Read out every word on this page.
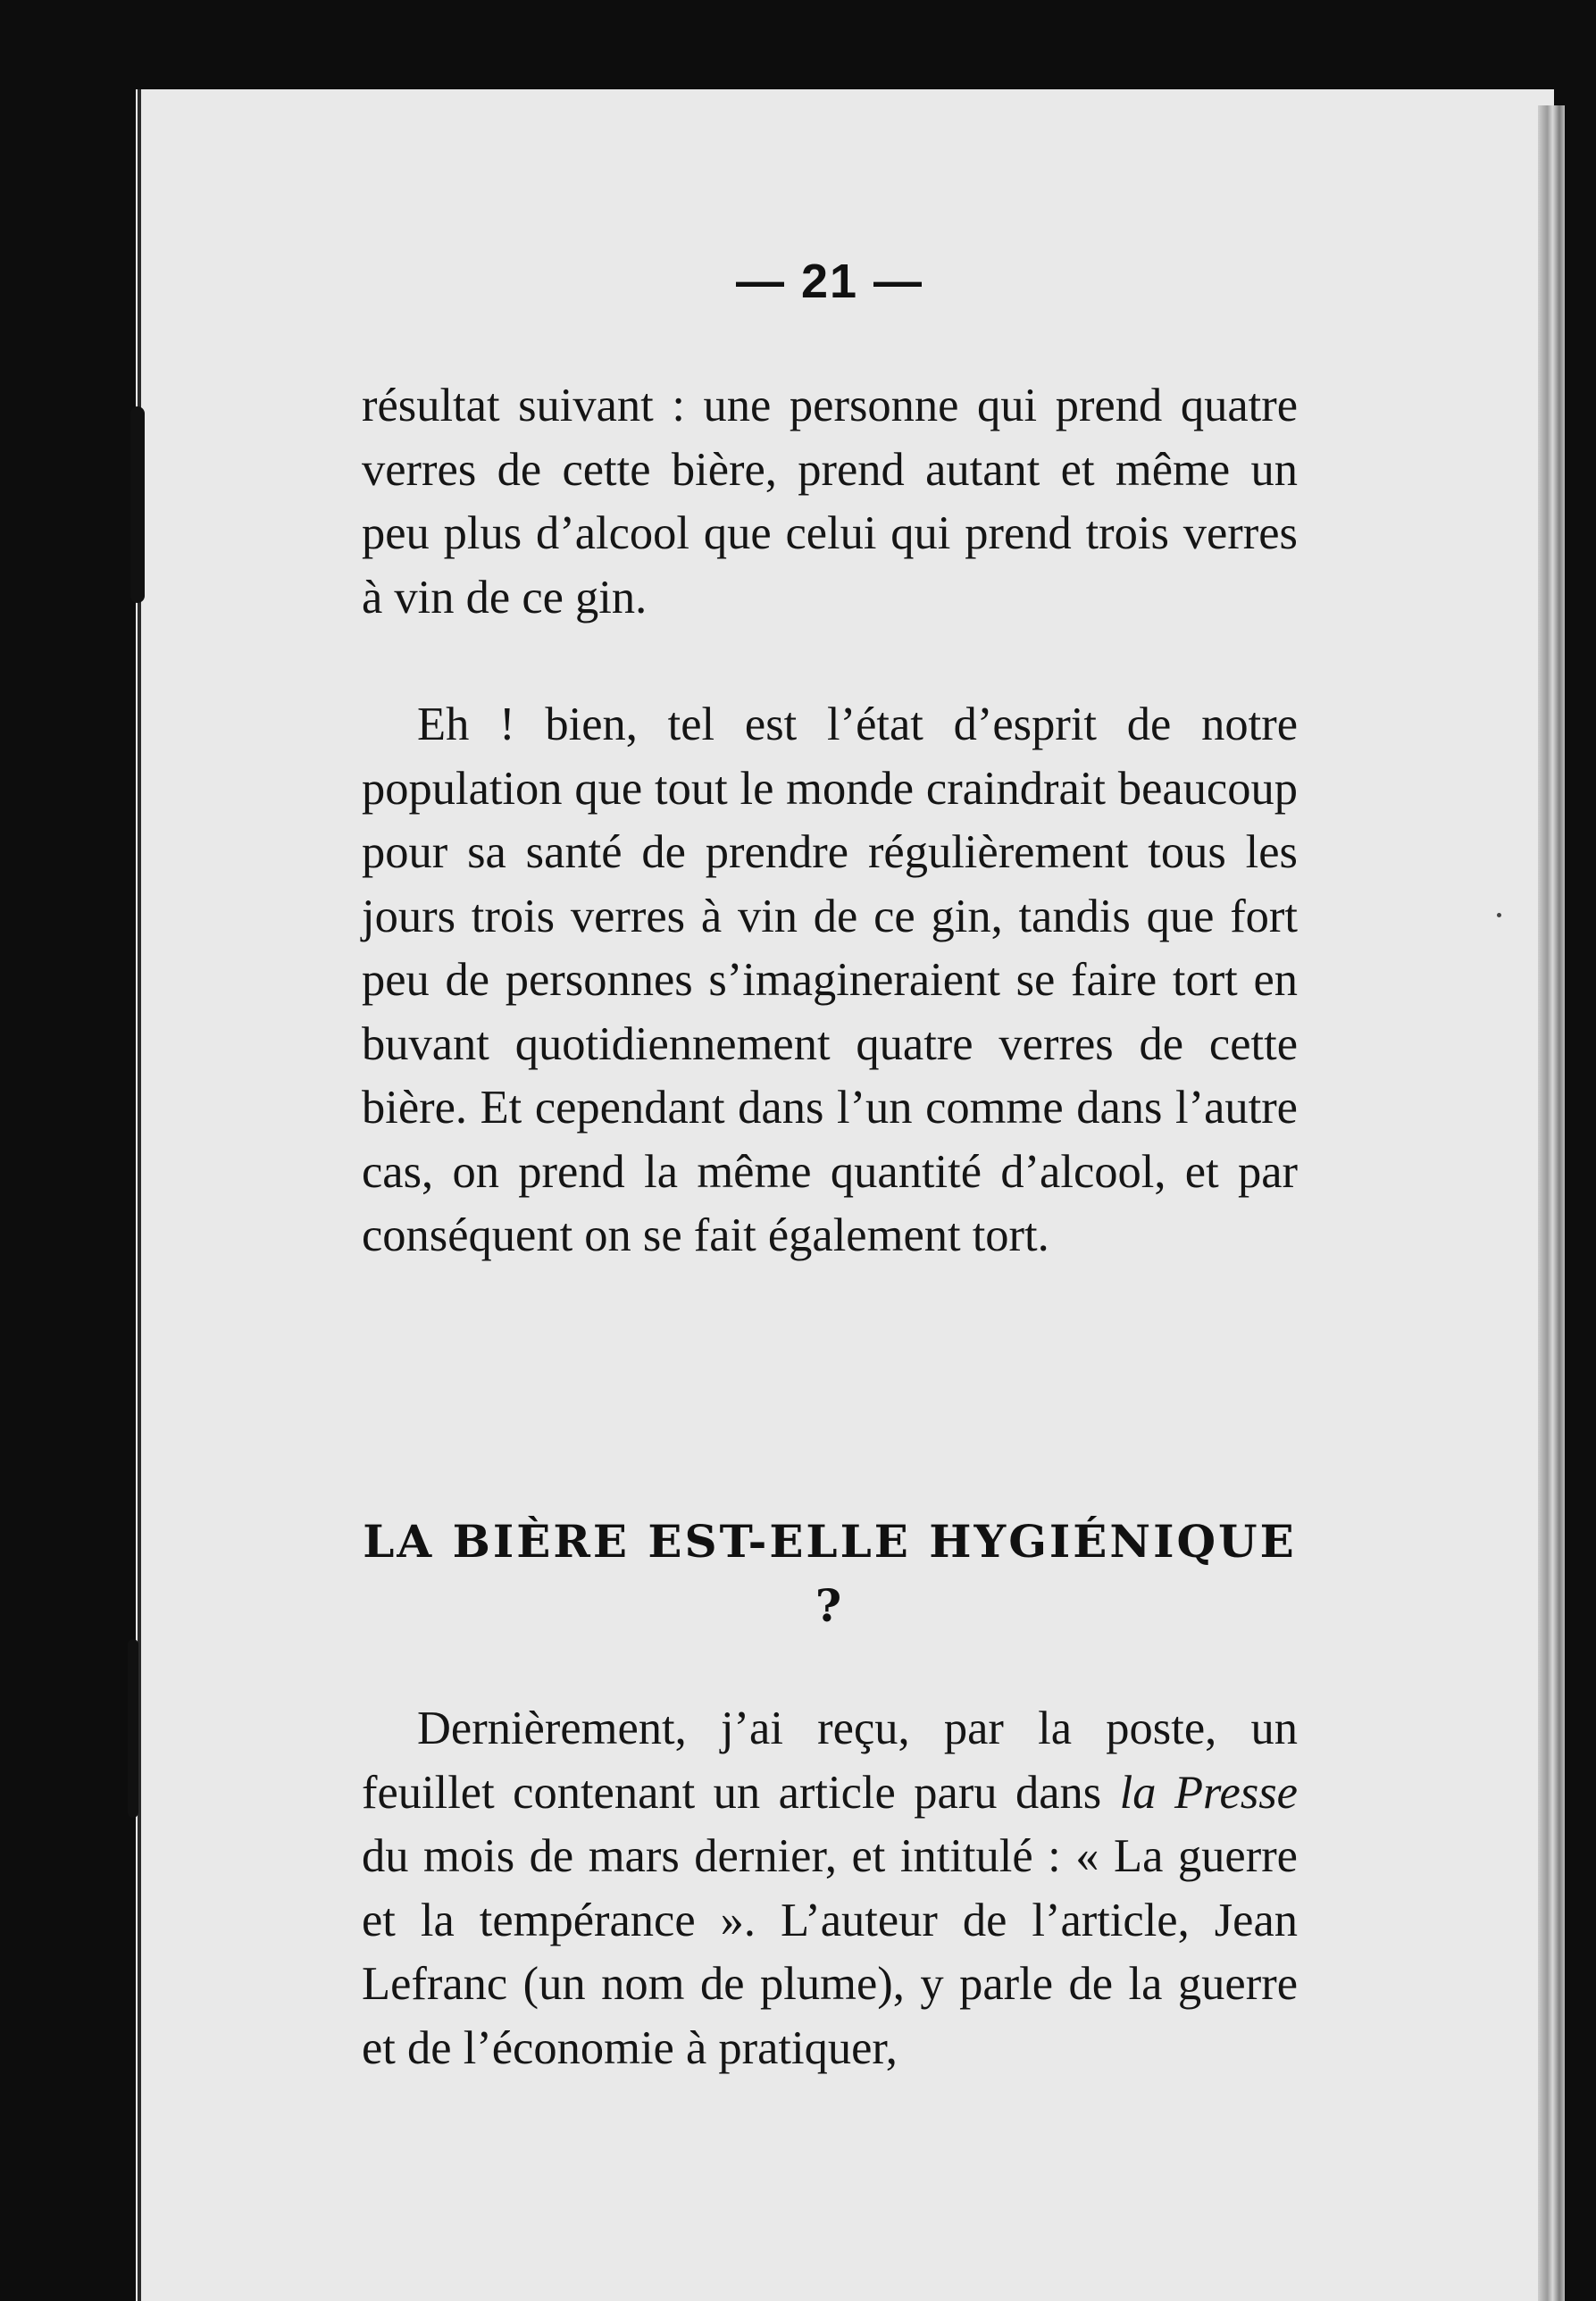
— 21 —

résultat suivant : une personne qui prend quatre verres de cette bière, prend autant et même un peu plus d’alcool que celui qui prend trois verres à vin de ce gin.

Eh ! bien, tel est l’état d’esprit de notre population que tout le monde craindrait beaucoup pour sa santé de prendre régulièrement tous les jours trois verres à vin de ce gin, tandis que fort peu de personnes s’imagineraient se faire tort en buvant quotidiennement quatre verres de cette bière. Et cependant dans l’un comme dans l’autre cas, on prend la même quantité d’alcool, et par conséquent on se fait également tort.

LA BIÈRE EST-ELLE HYGIÉNIQUE ?

Dernièrement, j’ai reçu, par la poste, un feuillet contenant un article paru dans la Presse du mois de mars dernier, et intitulé : « La guerre et la tempérance ». L’auteur de l’article, Jean Lefranc (un nom de plume), y parle de la guerre et de l’économie à pratiquer,
